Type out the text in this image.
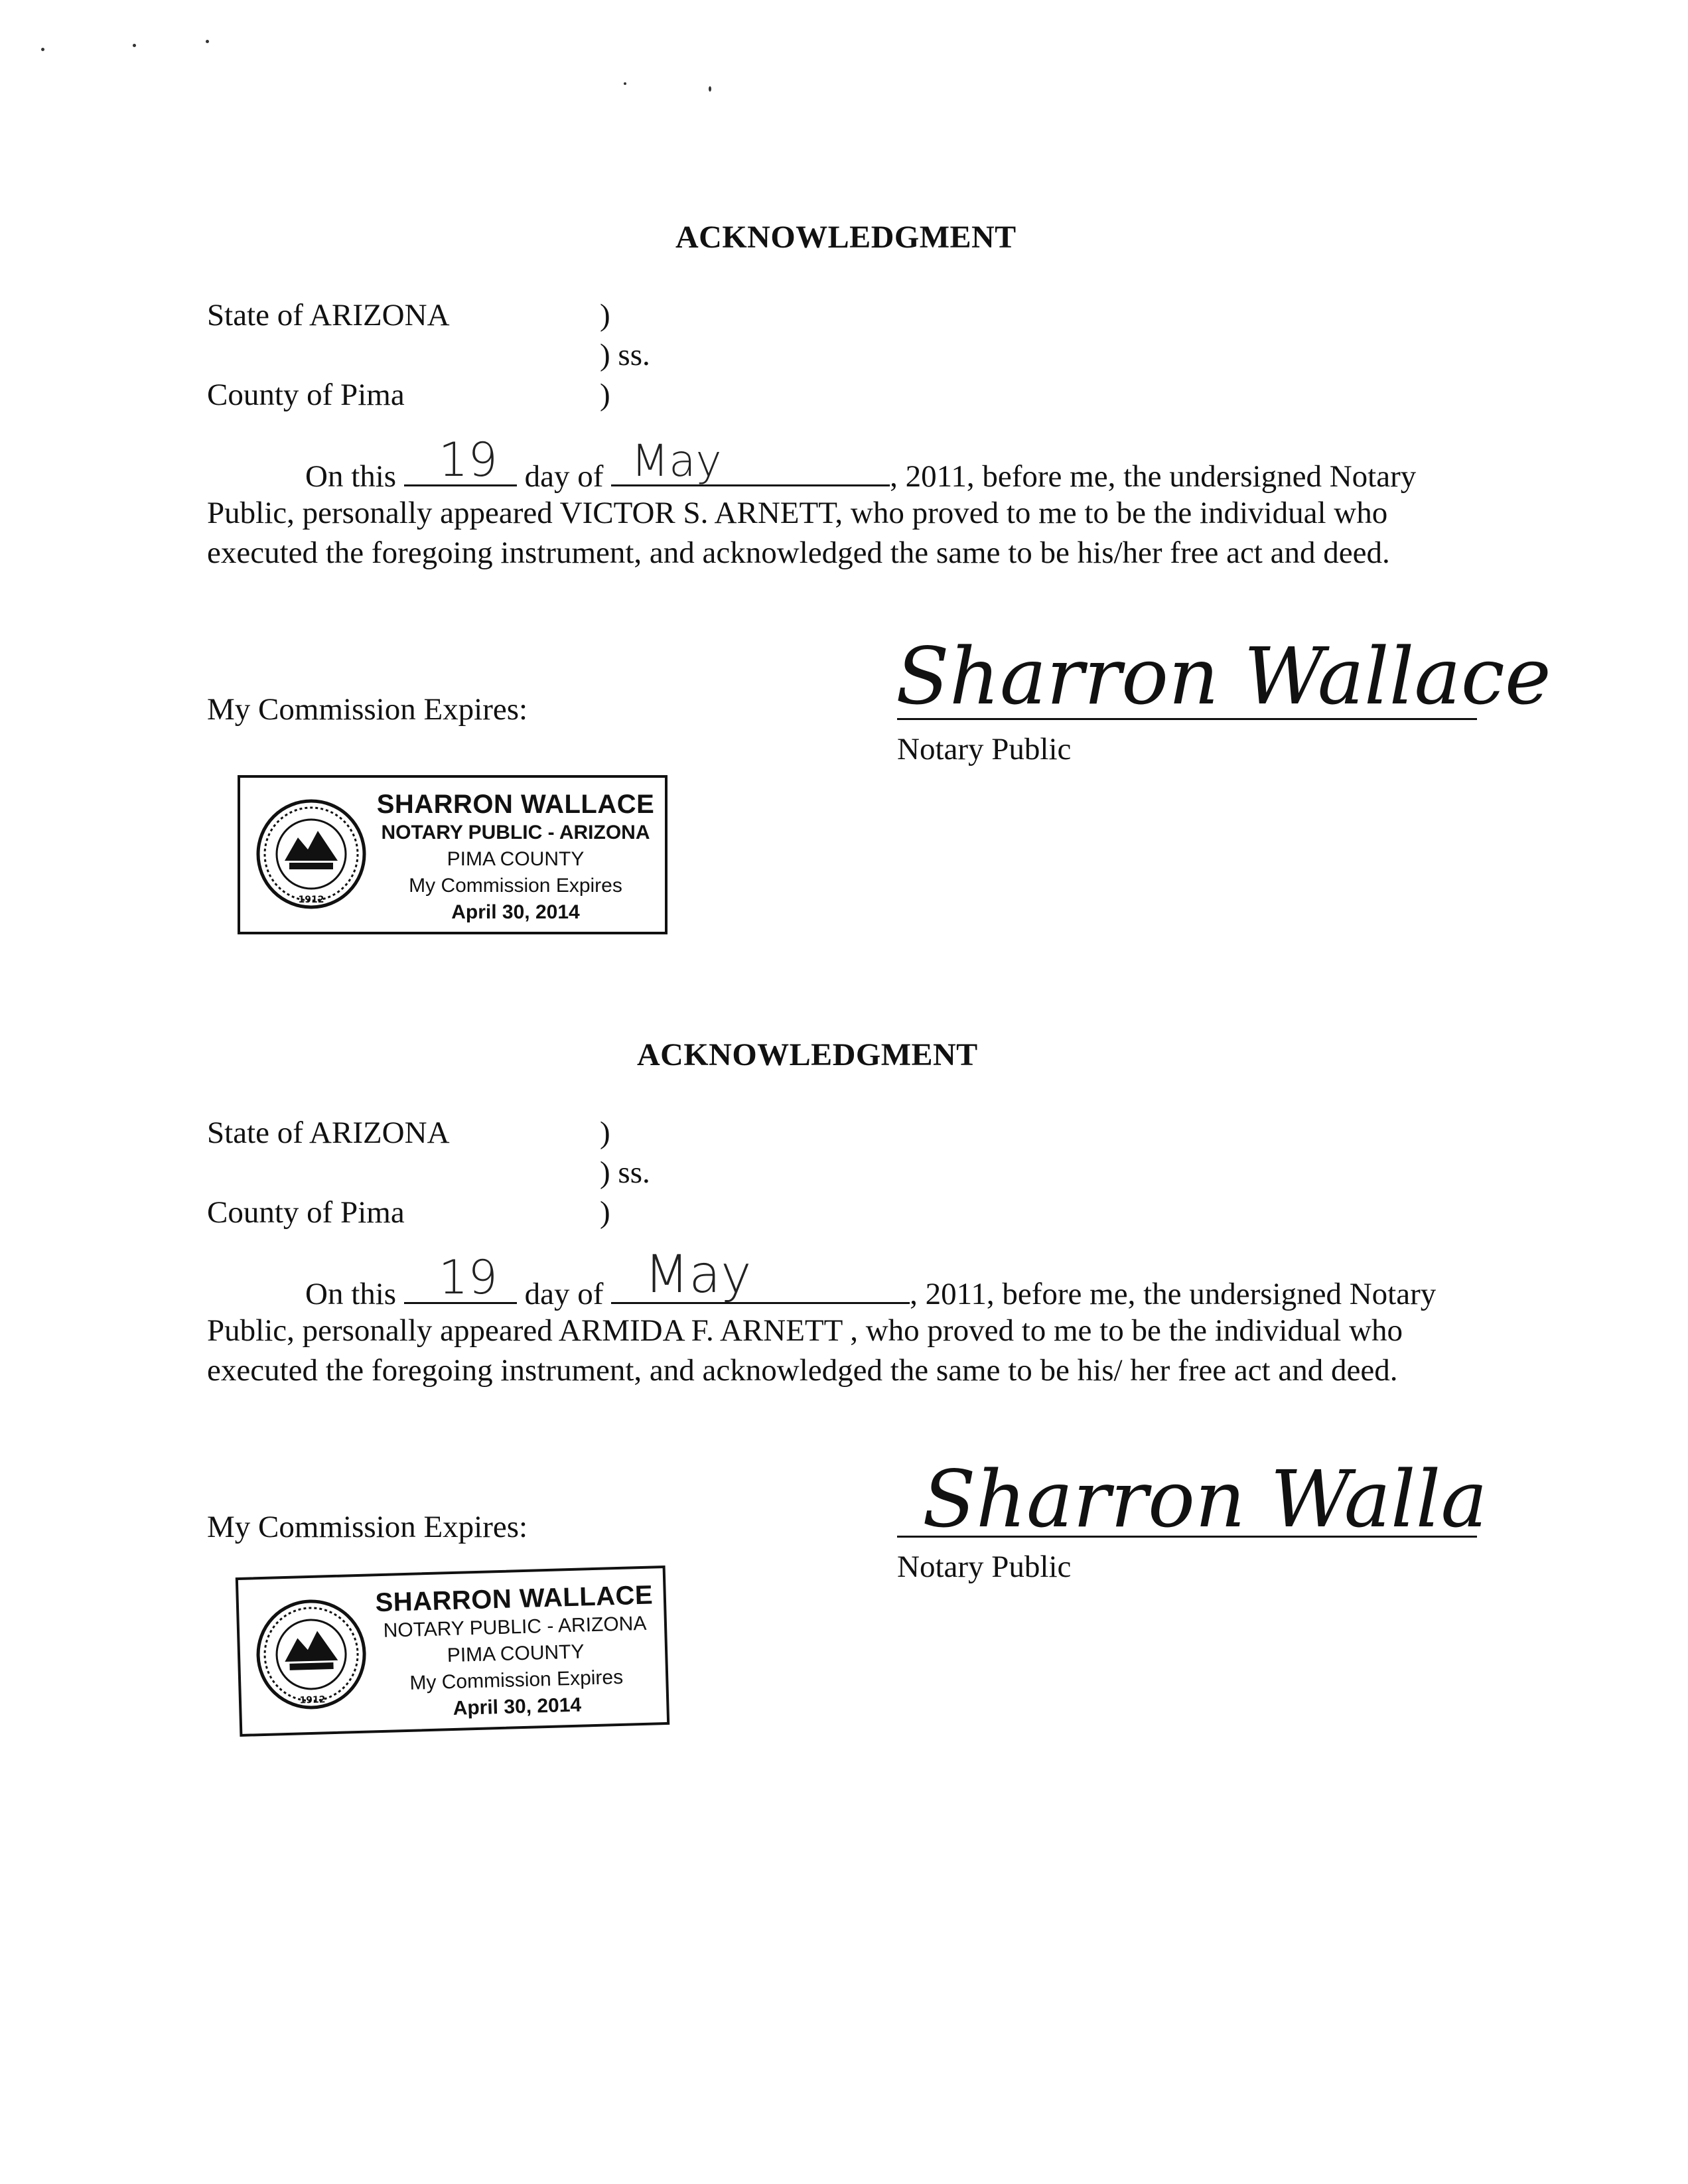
ACKNOWLEDGMENT
State of ARIZONA	)
) ss.
County of Pima	)
On this 19 day of May	, 2011, before me, the undersigned Notary
Public, personally appeared VICTOR S. ARNETT, who proved to me to be the individual who
executed the foregoing instrument, and acknowledged the same to be his/her free act and deed.
My Commission Expires:	Sharron Wallace
Notary Public
1912
SHARRON WALLACE
NOTARY PUBLIC - ARIZONA
PIMA COUNTY
My Commission Expires
April 30, 2014
ACKNOWLEDGMENT
State of ARIZONA	)
) ss.
County of Pima	)
On this 19 day of May	, 2011, before me, the undersigned Notary
Public, personally appeared ARMIDA F. ARNETT , who proved to me to be the individual who
executed the foregoing instrument, and acknowledged the same to be his/ her free act and deed.
My Commission Expires:	Sharron Walla
Notary Public
1912
SHARRON WALLACE
NOTARY PUBLIC - ARIZONA
PIMA COUNTY
My Commission Expires
April 30, 2014
